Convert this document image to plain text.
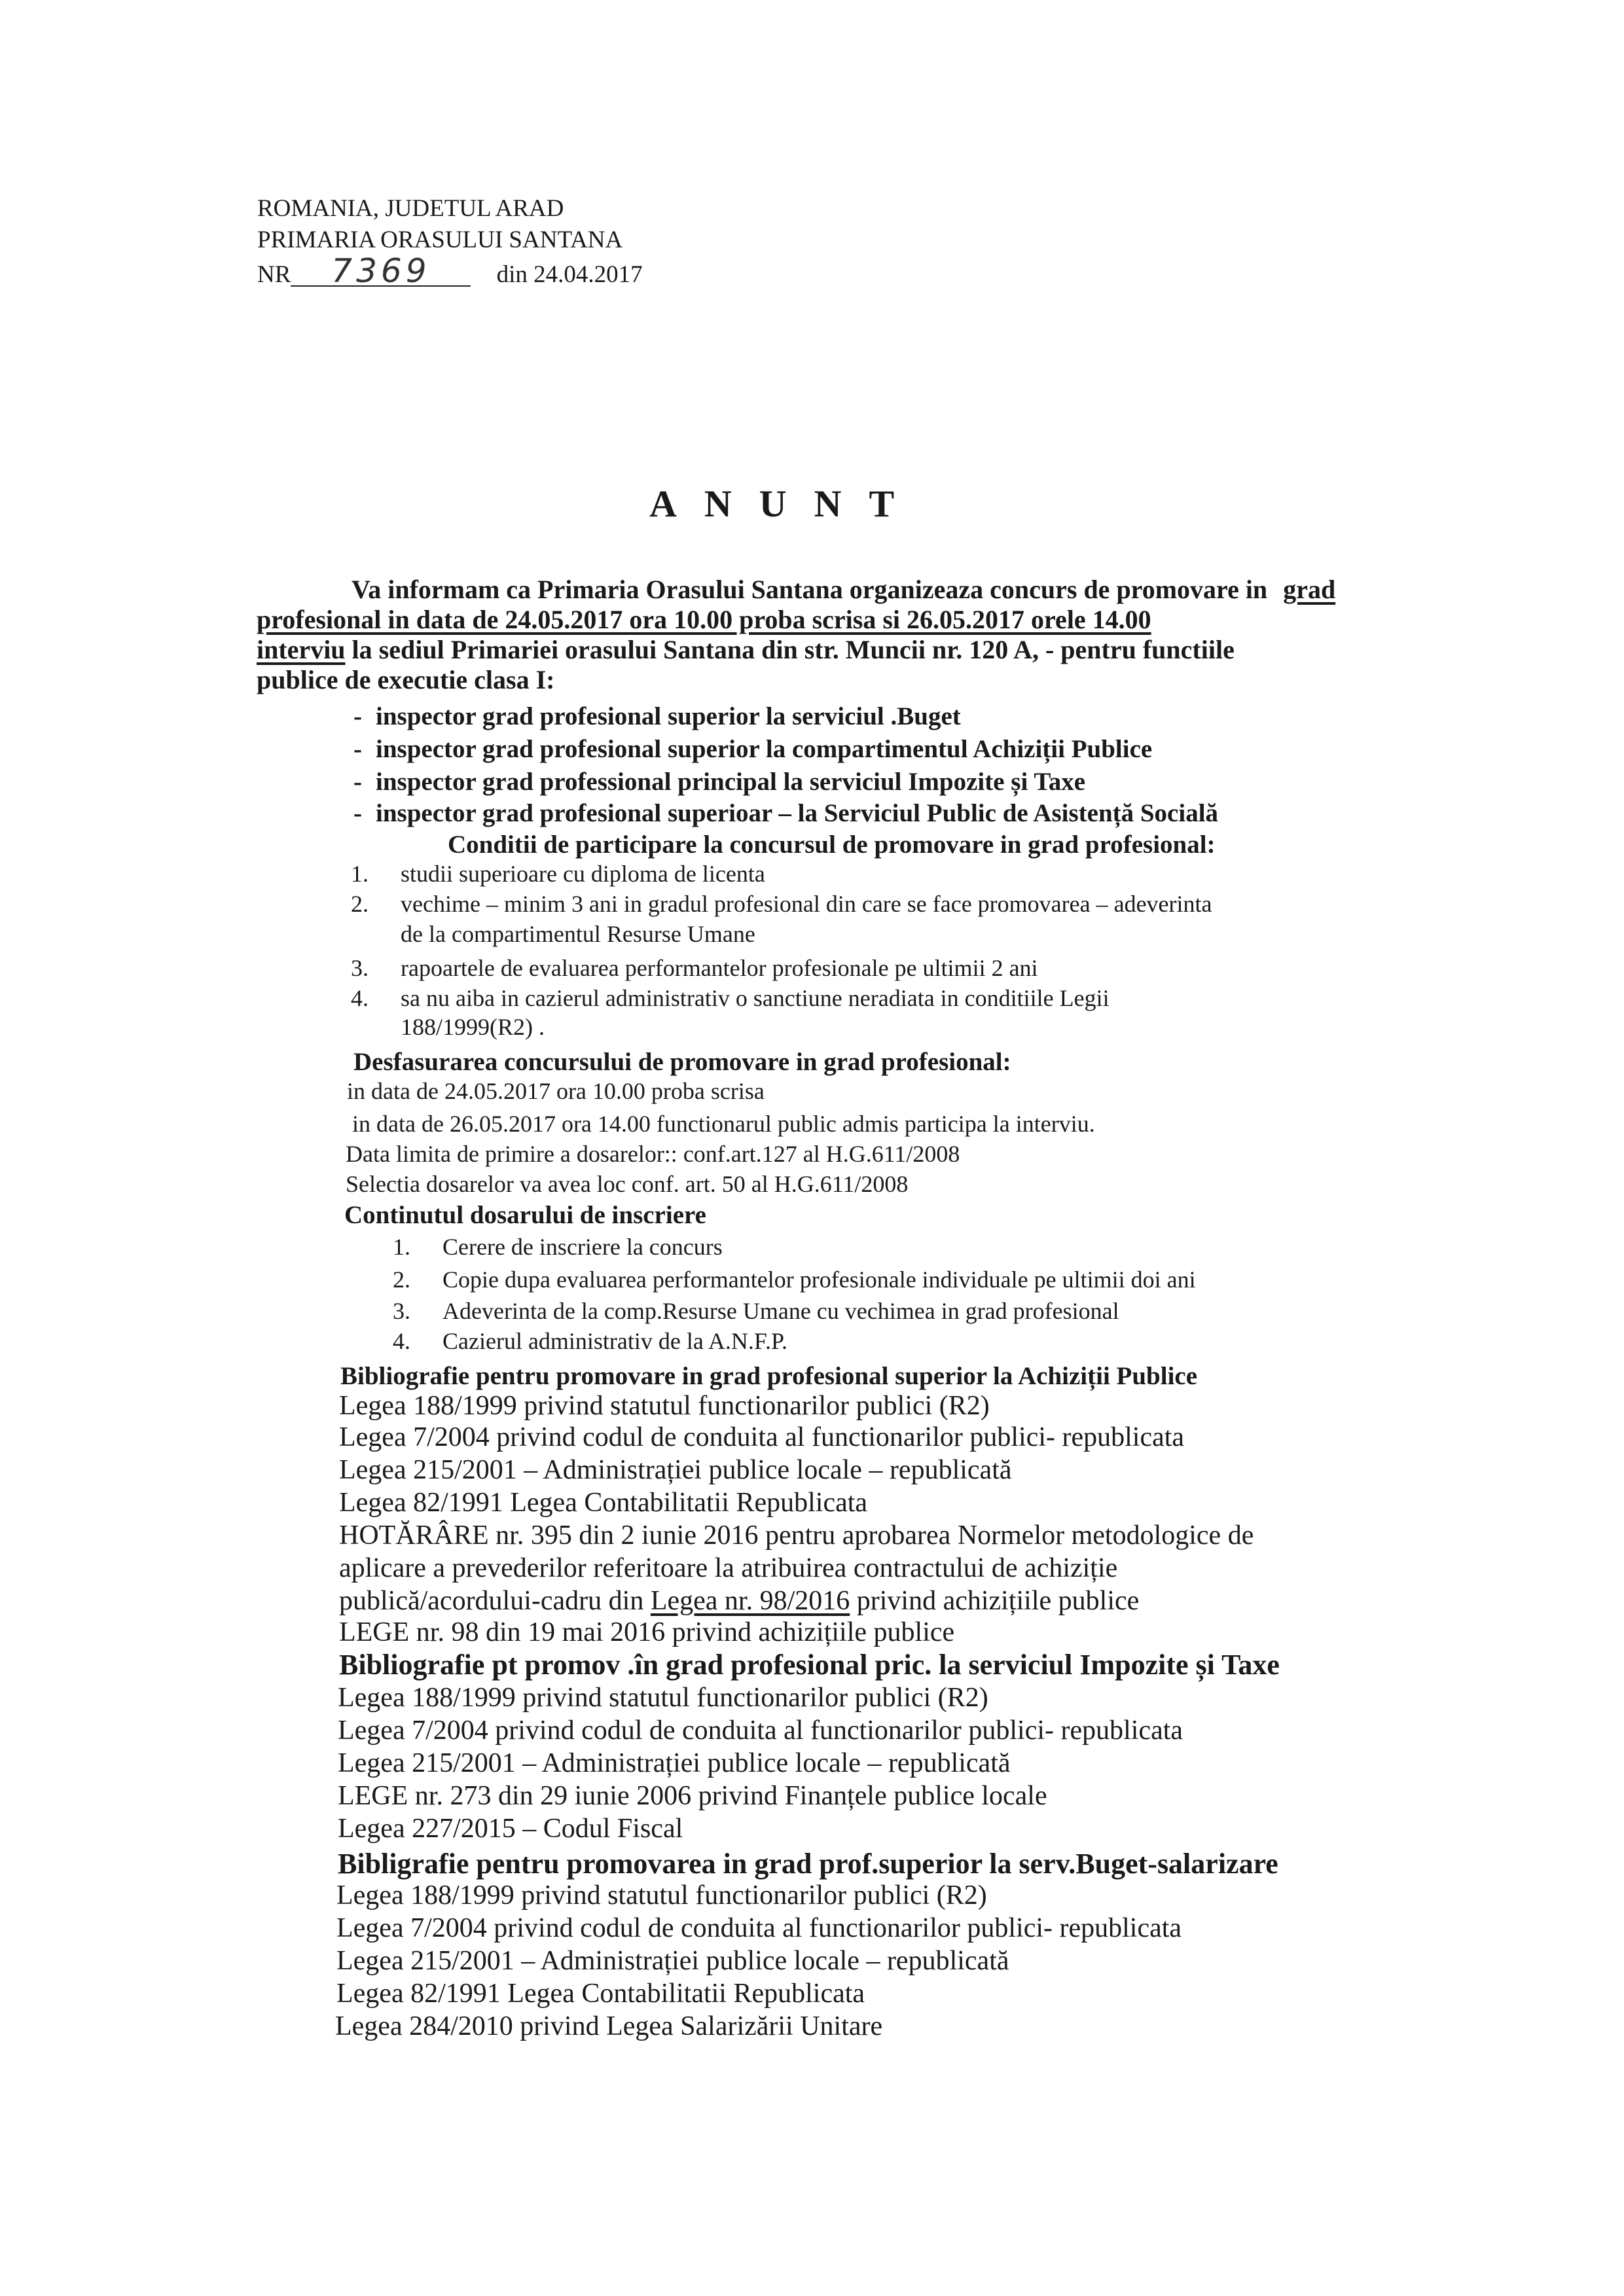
ROMANIA, JUDETUL ARAD
PRIMARIA ORASULUI SANTANA
NR 7369	din 24.04.2017
ANUNT
Va informam ca Primaria Orasului Santana organizeaza concurs de promovare in grad
profesional in data de 24.05.2017 ora 10.00 proba scrisa si 26.05.2017 orele 14.00
interviu la sediul Primariei orasului Santana din str. Muncii nr. 120 A, - pentru functiile
publice de executie clasa I:
- inspector grad profesional superior la serviciul .Buget
- inspector grad profesional superior la compartimentul Achiziții Publice
- inspector grad professional principal la serviciul Impozite și Taxe
- inspector grad profesional superioar – la Serviciul Public de Asistență Socială
Conditii de participare la concursul de promovare in grad profesional:
1. studii superioare cu diploma de licenta
2. vechime – minim 3 ani in gradul profesional din care se face promovarea – adeverinta
de la compartimentul Resurse Umane
3. rapoartele de evaluarea performantelor profesionale pe ultimii 2 ani
4. sa nu aiba in cazierul administrativ o sanctiune neradiata in conditiile Legii
188/1999(R2) .
Desfasurarea concursului de promovare in grad profesional:
in data de 24.05.2017 ora 10.00 proba scrisa
in data de 26.05.2017 ora 14.00 functionarul public admis participa la interviu.
Data limita de primire a dosarelor:: conf.art.127 al H.G.611/2008
Selectia dosarelor va avea loc conf. art. 50 al H.G.611/2008
Continutul dosarului de inscriere
1. Cerere de inscriere la concurs
2. Copie dupa evaluarea performantelor profesionale individuale pe ultimii doi ani
3. Adeverinta de la comp.Resurse Umane cu vechimea in grad profesional
4. Cazierul administrativ de la A.N.F.P.
Bibliografie pentru promovare in grad profesional superior la Achiziții Publice
Legea 188/1999 privind statutul functionarilor publici (R2)
Legea 7/2004 privind codul de conduita al functionarilor publici- republicata
Legea 215/2001 – Administrației publice locale – republicată
Legea 82/1991 Legea Contabilitatii Republicata
HOTĂRÂRE nr. 395 din 2 iunie 2016 pentru aprobarea Normelor metodologice de
aplicare a prevederilor referitoare la atribuirea contractului de achiziție
publică/acordului-cadru din Legea nr. 98/2016 privind achizițiile publice
LEGE nr. 98 din 19 mai 2016 privind achizițiile publice
Bibliografie pt promov .în grad profesional pric. la serviciul Impozite și Taxe
Legea 188/1999 privind statutul functionarilor publici (R2)
Legea 7/2004 privind codul de conduita al functionarilor publici- republicata
Legea 215/2001 – Administrației publice locale – republicată
LEGE nr. 273 din 29 iunie 2006 privind Finanțele publice locale
Legea 227/2015 – Codul Fiscal
Bibligrafie pentru promovarea in grad prof.superior la serv.Buget-salarizare
Legea 188/1999 privind statutul functionarilor publici (R2)
Legea 7/2004 privind codul de conduita al functionarilor publici- republicata
Legea 215/2001 – Administrației publice locale – republicată
Legea 82/1991 Legea Contabilitatii Republicata
Legea 284/2010 privind Legea Salarizării Unitare
